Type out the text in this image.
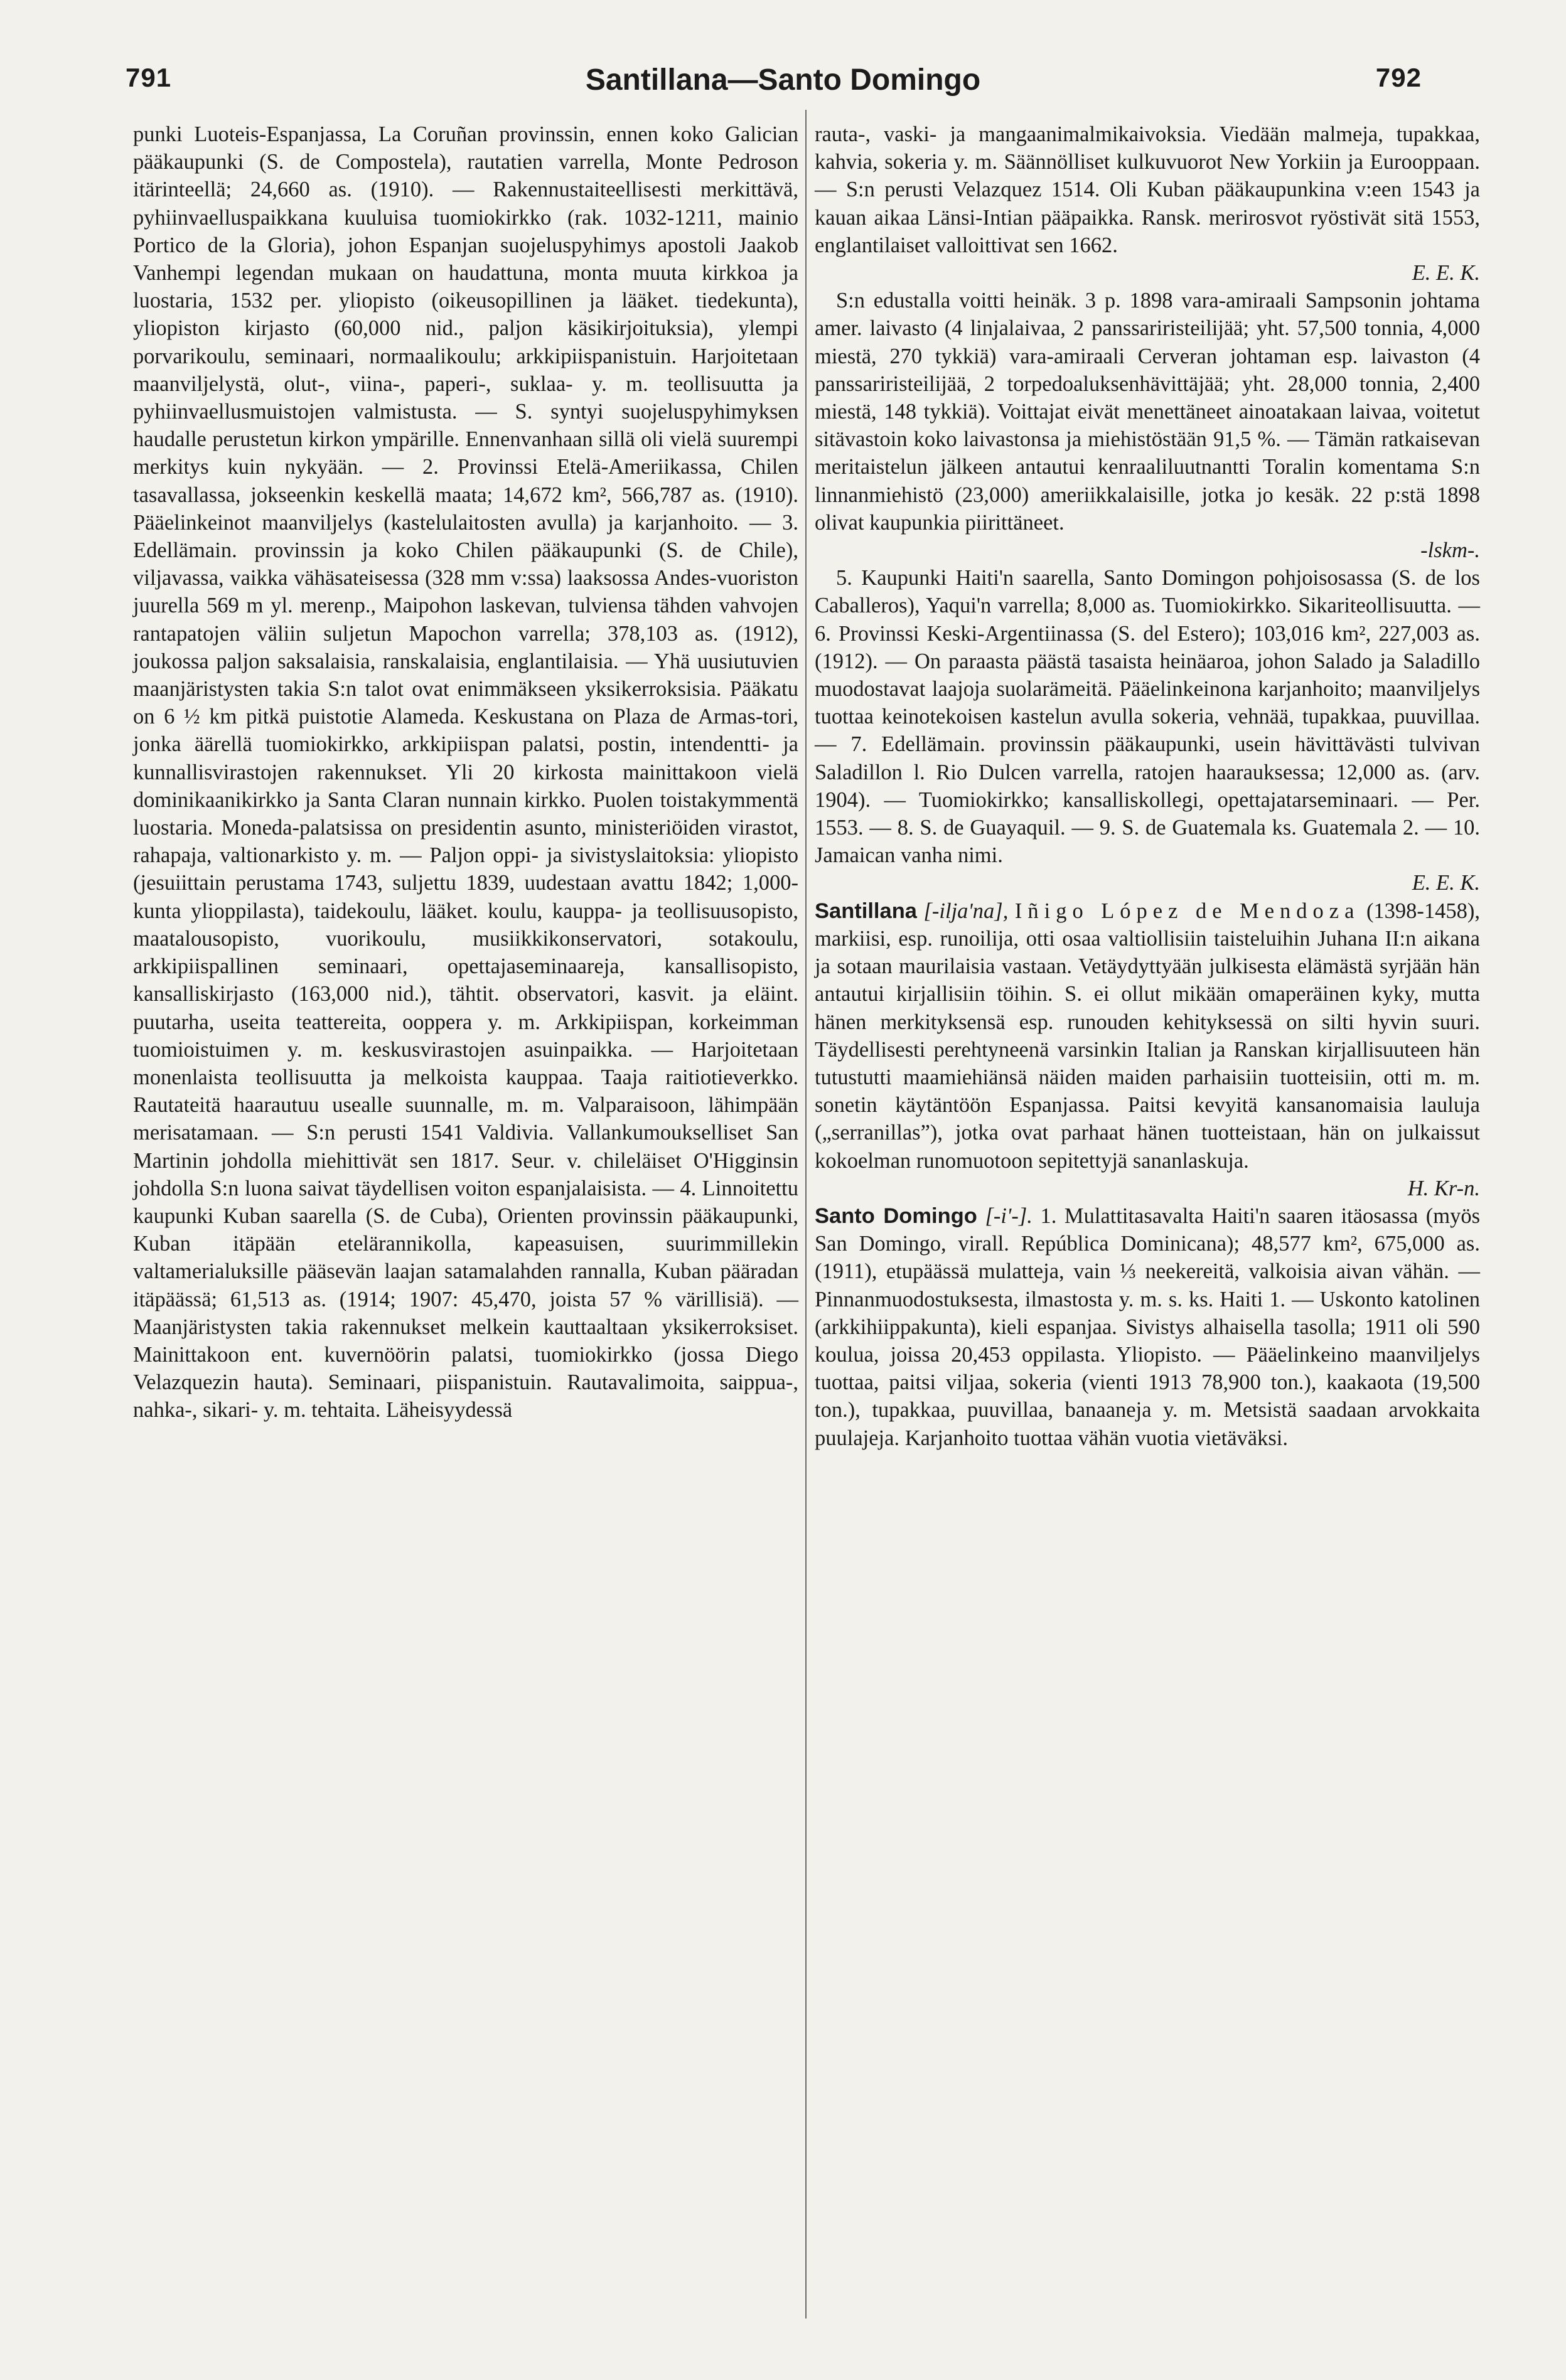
791	Santillana—Santo Domingo	792

punki Luoteis-Espanjassa, La Coruñan provinssin, ennen koko Galician pääkaupunki (S. de Compostela), rautatien varrella, Monte Pedroson itärinteellä; 24,660 as. (1910). — Rakennustaiteellisesti merkittävä, pyhiinvaelluspaikkana kuuluisa tuomiokirkko (rak. 1032-1211, mainio Portico de la Gloria), johon Espanjan suojeluspyhimys apostoli Jaakob Vanhempi legendan mukaan on haudattuna, monta muuta kirkkoa ja luostaria, 1532 per. yliopisto (oikeusopillinen ja lääket. tiedekunta), yliopiston kirjasto (60,000 nid., paljon käsikirjoituksia), ylempi porvarikoulu, seminaari, normaalikoulu; arkkipiispanistuin. Harjoitetaan maanviljelystä, olut-, viina-, paperi-, suklaa- y. m. teollisuutta ja pyhiinvaellusmuistojen valmistusta. — S. syntyi suojeluspyhimyksen haudalle perustetun kirkon ympärille. Ennenvanhaan sillä oli vielä suurempi merkitys kuin nykyään. — 2. Provinssi Etelä-Ameriikassa, Chilen tasavallassa, jokseenkin keskellä maata; 14,672 km², 566,787 as. (1910). Pääelinkeinot maanviljelys (kastelulaitosten avulla) ja karjanhoito. — 3. Edellämain. provinssin ja koko Chilen pääkaupunki (S. de Chile), viljavassa, vaikka vähäsateisessa (328 mm v:ssa) laaksossa Andes-vuoriston juurella 569 m yl. merenp., Maipohon laskevan, tulviensa tähden vahvojen rantapatojen väliin suljetun Mapochon varrella; 378,103 as. (1912), joukossa paljon saksalaisia, ranskalaisia, englantilaisia. — Yhä uusiutuvien maanjäristysten takia S:n talot ovat enimmäkseen yksikerroksisia. Pääkatu on 6 ½ km pitkä puistotie Alameda. Keskustana on Plaza de Armas-tori, jonka äärellä tuomiokirkko, arkkipiispan palatsi, postin, intendentti- ja kunnallisvirastojen rakennukset. Yli 20 kirkosta mainittakoon vielä dominikaanikirkko ja Santa Claran nunnain kirkko. Puolen toistakymmentä luostaria. Moneda-palatsissa on presidentin asunto, ministeriöiden virastot, rahapaja, valtionarkisto y. m. — Paljon oppi- ja sivistyslaitoksia: yliopisto (jesuiittain perustama 1743, suljettu 1839, uudestaan avattu 1842; 1,000-kunta ylioppilasta), taidekoulu, lääket. koulu, kauppa- ja teollisuusopisto, maatalousopisto, vuorikoulu, musiikkikonservatori, sotakoulu, arkkipiispallinen seminaari, opettajaseminaareja, kansallisopisto, kansalliskirjasto (163,000 nid.), tähtit. observatori, kasvit. ja eläint. puutarha, useita teattereita, ooppera y. m. Arkkipiispan, korkeimman tuomioistuimen y. m. keskusvirastojen asuinpaikka. — Harjoitetaan monenlaista teollisuutta ja melkoista kauppaa. Taaja raitiotieverkko. Rautateitä haarautuu usealle suunnalle, m. m. Valparaisoon, lähimpään merisatamaan. — S:n perusti 1541 Valdivia. Vallankumoukselliset San Martinin johdolla miehittivät sen 1817. Seur. v. chileläiset O'Higginsin johdolla S:n luona saivat täydellisen voiton espanjalaisista. — 4. Linnoitettu kaupunki Kuban saarella (S. de Cuba), Orienten provinssin pääkaupunki, Kuban itäpään etelärannikolla, kapeasuisen, suurimmillekin valtamerialuksille pääsevän laajan satamalahden rannalla, Kuban pääradan itäpäässä; 61,513 as. (1914; 1907: 45,470, joista 57 % värillisiä). — Maanjäristysten takia rakennukset melkein kauttaaltaan yksikerroksiset. Mainittakoon ent. kuvernöörin palatsi, tuomiokirkko (jossa Diego Velazquezin hauta). Seminaari, piispanistuin. Rautavalimoita, saippua-, nahka-, sikari- y. m. tehtaita. Läheisyydessä

rauta-, vaski- ja mangaanimalmikaivoksia. Viedään malmeja, tupakkaa, kahvia, sokeria y. m. Säännölliset kulkuvuorot New Yorkiin ja Eurooppaan. — S:n perusti Velazquez 1514. Oli Kuban pääkaupunkina v:een 1543 ja kauan aikaa Länsi-Intian pääpaikka. Ransk. merirosvot ryöstivät sitä 1553, englantilaiset valloittivat sen 1662.

E. E. K.

S:n edustalla voitti heinäk. 3 p. 1898 vara-amiraali Sampsonin johtama amer. laivasto (4 linjalaivaa, 2 panssariristeilijää; yht. 57,500 tonnia, 4,000 miestä, 270 tykkiä) vara-amiraali Cerveran johtaman esp. laivaston (4 panssariristeilijää, 2 torpedoaluksenhävittäjää; yht. 28,000 tonnia, 2,400 miestä, 148 tykkiä). Voittajat eivät menettäneet ainoatakaan laivaa, voitetut sitävastoin koko laivastonsa ja miehistöstään 91,5 %. — Tämän ratkaisevan meritaistelun jälkeen antautui kenraaliluutnantti Toralin komentama S:n linnanmiehistö (23,000) ameriikkalaisille, jotka jo kesäk. 22 p:stä 1898 olivat kaupunkia piirittäneet.

-lskm-.

5. Kaupunki Haiti'n saarella, Santo Domingon pohjoisosassa (S. de los Caballeros), Yaqui'n varrella; 8,000 as. Tuomiokirkko. Sikariteollisuutta. — 6. Provinssi Keski-Argentiinassa (S. del Estero); 103,016 km², 227,003 as. (1912). — On paraasta päästä tasaista heinäaroa, johon Salado ja Saladillo muodostavat laajoja suolarämeitä. Pääelinkeinona karjanhoito; maanviljelys tuottaa keinotekoisen kastelun avulla sokeria, vehnää, tupakkaa, puuvillaa. — 7. Edellämain. provinssin pääkaupunki, usein hävittävästi tulvivan Saladillon l. Rio Dulcen varrella, ratojen haarauksessa; 12,000 as. (arv. 1904). — Tuomiokirkko; kansalliskollegi, opettajatarseminaari. — Per. 1553. — 8. S. de Guayaquil. — 9. S. de Guatemala ks. Guatemala 2. — 10. Jamaican vanha nimi.

E. E. K.

Santillana [-iljaʹna], Iñigo López de Mendoza (1398-1458), markiisi, esp. runoilija, otti osaa valtiollisiin taisteluihin Juhana II:n aikana ja sotaan maurilaisia vastaan. Vetäydyttyään julkisesta elämästä syrjään hän antautui kirjallisiin töihin. S. ei ollut mikään omaperäinen kyky, mutta hänen merkityksensä esp. runouden kehityksessä on silti hyvin suuri. Täydellisesti perehtyneenä varsinkin Italian ja Ranskan kirjallisuuteen hän tutustutti maamiehiänsä näiden maiden parhaisiin tuotteisiin, otti m. m. sonetin käytäntöön Espanjassa. Paitsi kevyitä kansanomaisia lauluja („serranillas”), jotka ovat parhaat hänen tuotteistaan, hän on julkaissut kokoelman runomuotoon sepitettyjä sananlaskuja.

H. Kr-n.

Santo Domingo [-iʹ-]. 1. Mulattitasavalta Haiti'n saaren itäosassa (myös San Domingo, virall. República Dominicana); 48,577 km², 675,000 as. (1911), etupäässä mulatteja, vain ⅓ neekereitä, valkoisia aivan vähän. — Pinnanmuodostuksesta, ilmastosta y. m. s. ks. Haiti 1. — Uskonto katolinen (arkkihiippakunta), kieli espanjaa. Sivistys alhaisella tasolla; 1911 oli 590 koulua, joissa 20,453 oppilasta. Yliopisto. — Pääelinkeino maanviljelys tuottaa, paitsi viljaa, sokeria (vienti 1913 78,900 ton.), kaakaota (19,500 ton.), tupakkaa, puuvillaa, banaaneja y. m. Metsistä saadaan arvokkaita puulajeja. Karjanhoito tuottaa vähän vuotia vietäväksi.
